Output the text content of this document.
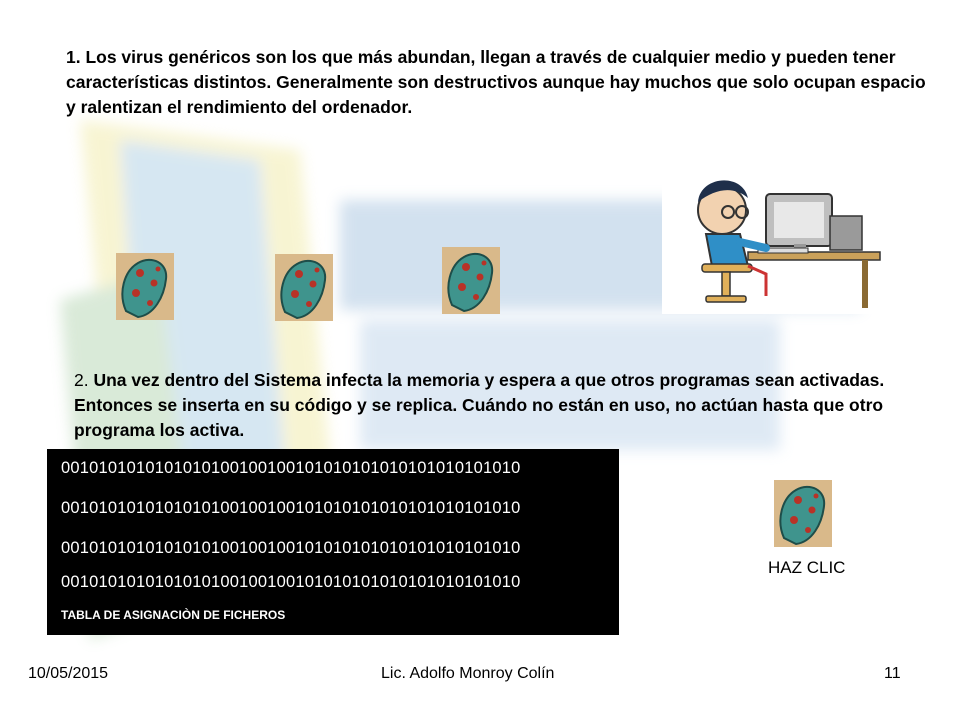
1. Los virus genéricos son los que más abundan, llegan a través de cualquier medio y pueden tener características distintos. Generalmente son destructivos aunque hay muchos que solo ocupan espacio y ralentizan el rendimiento del ordenador.
2. Una vez dentro del Sistema infecta la memoria y espera a que otros programas sean activadas. Entonces se inserta en su código y se replica. Cuándo no están en uso, no actúan hasta que otro programa los activa.
0010101010101010100100100101010101010101010101010
0010101010101010100100100101010101010101010101010
0010101010101010100100100101010101010101010101010
0010101010101010100100100101010101010101010101010
TABLA DE ASIGNACIÒN DE FICHEROS
HAZ CLIC
10/05/2015	Lic. Adolfo Monroy Colín	11
